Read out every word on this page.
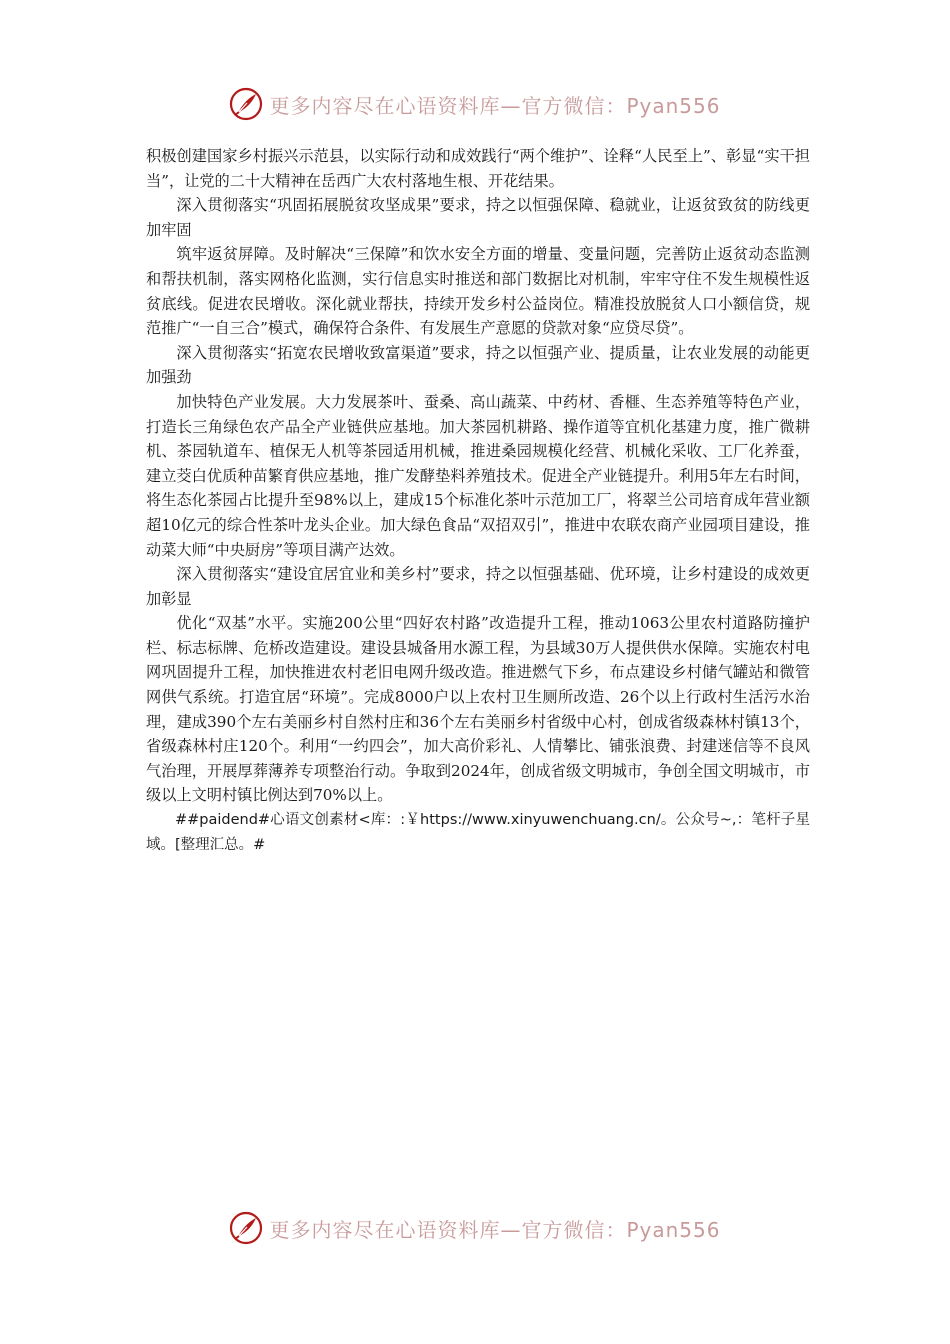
更多内容尽在心语资料库—官方微信：Pyan556

积极创建国家乡村振兴示范县，以实际行动和成效践行“两个维护”、诠释“人民至上”、彰显“实干担当”，让党的二十大精神在岳西广大农村落地生根、开花结果。

深入贯彻落实“巩固拓展脱贫攻坚成果”要求，持之以恒强保障、稳就业，让返贫致贫的防线更加牢固

筑牢返贫屏障。及时解决“三保障”和饮水安全方面的增量、变量问题，完善防止返贫动态监测和帮扶机制，落实网格化监测，实行信息实时推送和部门数据比对机制，牢牢守住不发生规模性返贫底线。促进农民增收。深化就业帮扶，持续开发乡村公益岗位。精准投放脱贫人口小额信贷，规范推广“一自三合”模式，确保符合条件、有发展生产意愿的贷款对象“应贷尽贷”。

深入贯彻落实“拓宽农民增收致富渠道”要求，持之以恒强产业、提质量，让农业发展的动能更加强劲

加快特色产业发展。大力发展茶叶、蚕桑、高山蔬菜、中药材、香榧、生态养殖等特色产业，打造长三角绿色农产品全产业链供应基地。加大茶园机耕路、操作道等宜机化基建力度，推广微耕机、茶园轨道车、植保无人机等茶园适用机械，推进桑园规模化经营、机械化采收、工厂化养蚕，建立茭白优质种苗繁育供应基地，推广发酵垫料养殖技术。促进全产业链提升。利用5年左右时间，将生态化茶园占比提升至98%以上，建成15个标准化茶叶示范加工厂，将翠兰公司培育成年营业额超10亿元的综合性茶叶龙头企业。加大绿色食品“双招双引”，推进中农联农商产业园项目建设，推动菜大师“中央厨房”等项目满产达效。

深入贯彻落实“建设宜居宜业和美乡村”要求，持之以恒强基础、优环境，让乡村建设的成效更加彰显

优化“双基”水平。实施200公里“四好农村路”改造提升工程，推动1063公里农村道路防撞护栏、标志标牌、危桥改造建设。建设县城备用水源工程，为县域30万人提供供水保障。实施农村电网巩固提升工程，加快推进农村老旧电网升级改造。推进燃气下乡，布点建设乡村储气罐站和微管网供气系统。打造宜居“环境”。完成8000户以上农村卫生厕所改造、26个以上行政村生活污水治理，建成390个左右美丽乡村自然村庄和36个左右美丽乡村省级中心村，创成省级森林村镇13个，省级森林村庄120个。利用“一约四会”，加大高价彩礼、人情攀比、铺张浪费、封建迷信等不良风气治理，开展厚葬薄养专项整治行动。争取到2024年，创成省级文明城市，争创全国文明城市，市级以上文明村镇比例达到70%以上。

##paidend#心语文创素材<库：:￥https://www.xinyuwenchuang.cn/。公众号~,：笔杆子星域。[整理汇总。#

更多内容尽在心语资料库—官方微信：Pyan556
